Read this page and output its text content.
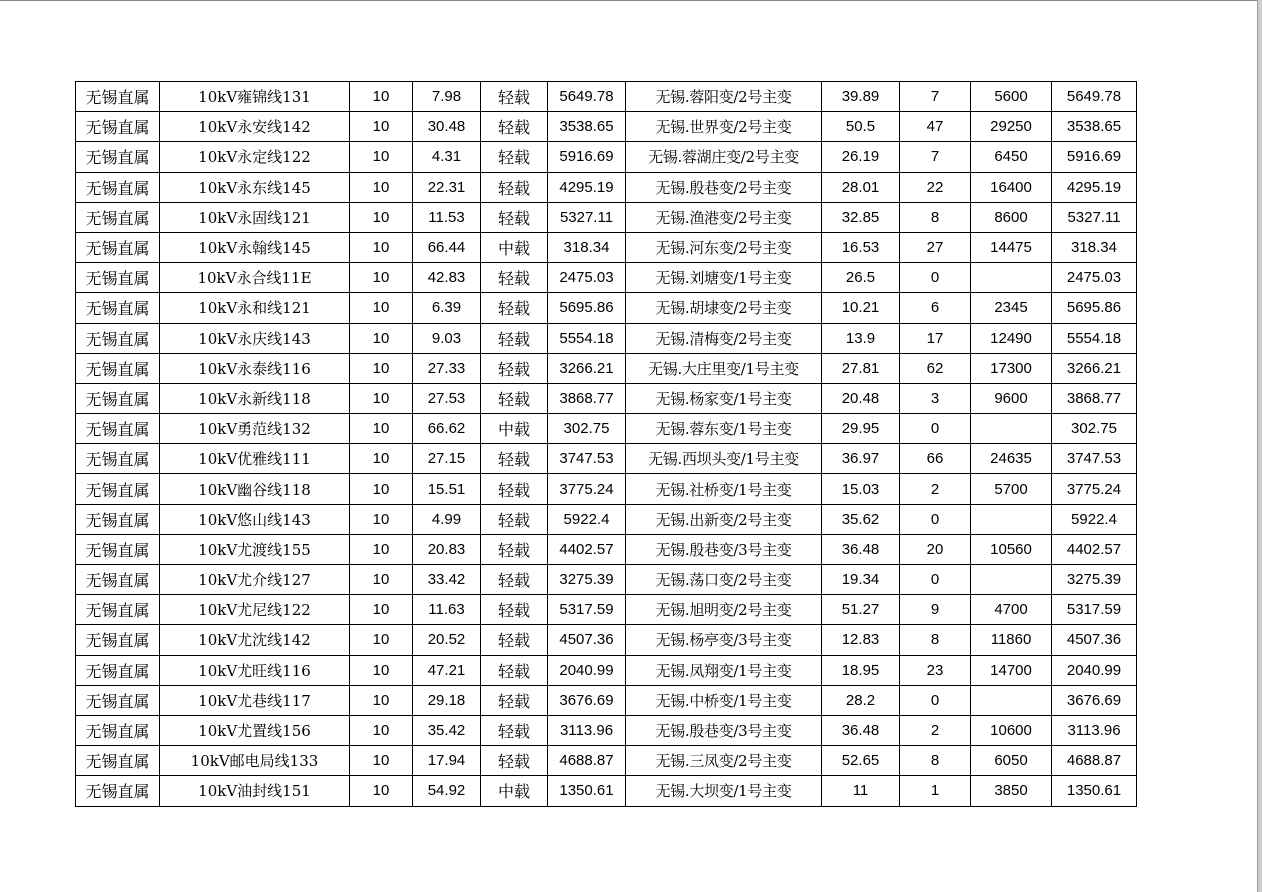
无锡直属	10kV雍锦线131	10	7.98	轻载	5649.78	无锡.蓉阳变/2号主变	39.89	7	5600	5649.78
无锡直属	10kV永安线142	10	30.48	轻载	3538.65	无锡.世界变/2号主变	50.5	47	29250	3538.65
无锡直属	10kV永定线122	10	4.31	轻载	5916.69	无锡.蓉湖庄变/2号主变	26.19	7	6450	5916.69
无锡直属	10kV永东线145	10	22.31	轻载	4295.19	无锡.殷巷变/2号主变	28.01	22	16400	4295.19
无锡直属	10kV永固线121	10	11.53	轻载	5327.11	无锡.渔港变/2号主变	32.85	8	8600	5327.11
无锡直属	10kV永翰线145	10	66.44	中载	318.34	无锡.河东变/2号主变	16.53	27	14475	318.34
无锡直属	10kV永合线11E	10	42.83	轻载	2475.03	无锡.刘塘变/1号主变	26.5	0		2475.03
无锡直属	10kV永和线121	10	6.39	轻载	5695.86	无锡.胡埭变/2号主变	10.21	6	2345	5695.86
无锡直属	10kV永庆线143	10	9.03	轻载	5554.18	无锡.清梅变/2号主变	13.9	17	12490	5554.18
无锡直属	10kV永泰线116	10	27.33	轻载	3266.21	无锡.大庄里变/1号主变	27.81	62	17300	3266.21
无锡直属	10kV永新线118	10	27.53	轻载	3868.77	无锡.杨家变/1号主变	20.48	3	9600	3868.77
无锡直属	10kV勇范线132	10	66.62	中载	302.75	无锡.蓉东变/1号主变	29.95	0		302.75
无锡直属	10kV优雅线111	10	27.15	轻载	3747.53	无锡.西坝头变/1号主变	36.97	66	24635	3747.53
无锡直属	10kV幽谷线118	10	15.51	轻载	3775.24	无锡.社桥变/1号主变	15.03	2	5700	3775.24
无锡直属	10kV悠山线143	10	4.99	轻载	5922.4	无锡.出新变/2号主变	35.62	0		5922.4
无锡直属	10kV尤渡线155	10	20.83	轻载	4402.57	无锡.殷巷变/3号主变	36.48	20	10560	4402.57
无锡直属	10kV尤介线127	10	33.42	轻载	3275.39	无锡.荡口变/2号主变	19.34	0		3275.39
无锡直属	10kV尤尼线122	10	11.63	轻载	5317.59	无锡.旭明变/2号主变	51.27	9	4700	5317.59
无锡直属	10kV尤沈线142	10	20.52	轻载	4507.36	无锡.杨亭变/3号主变	12.83	8	11860	4507.36
无锡直属	10kV尤旺线116	10	47.21	轻载	2040.99	无锡.凤翔变/1号主变	18.95	23	14700	2040.99
无锡直属	10kV尤巷线117	10	29.18	轻载	3676.69	无锡.中桥变/1号主变	28.2	0		3676.69
无锡直属	10kV尤置线156	10	35.42	轻载	3113.96	无锡.殷巷变/3号主变	36.48	2	10600	3113.96
无锡直属	10kV邮电局线133	10	17.94	轻载	4688.87	无锡.三凤变/2号主变	52.65	8	6050	4688.87
无锡直属	10kV油封线151	10	54.92	中载	1350.61	无锡.大坝变/1号主变	11	1	3850	1350.61
